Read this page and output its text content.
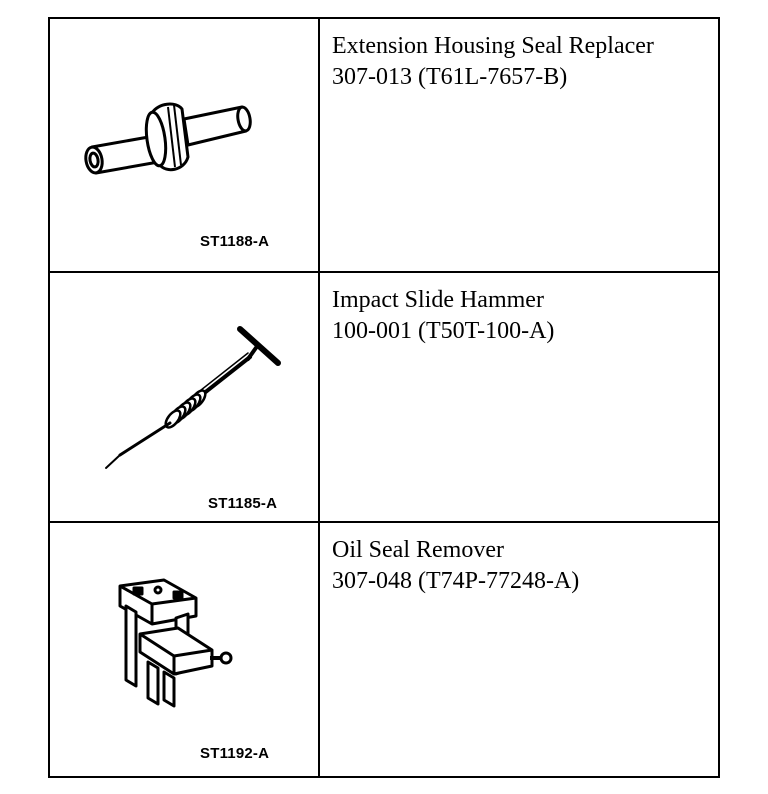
ST1188-A	Extension Housing Seal Replacer
307-013 (T61L-7657-B)

ST1185-A	Impact Slide Hammer
100-001 (T50T-100-A)

ST1192-A	Oil Seal Remover
307-048 (T74P-77248-A)
